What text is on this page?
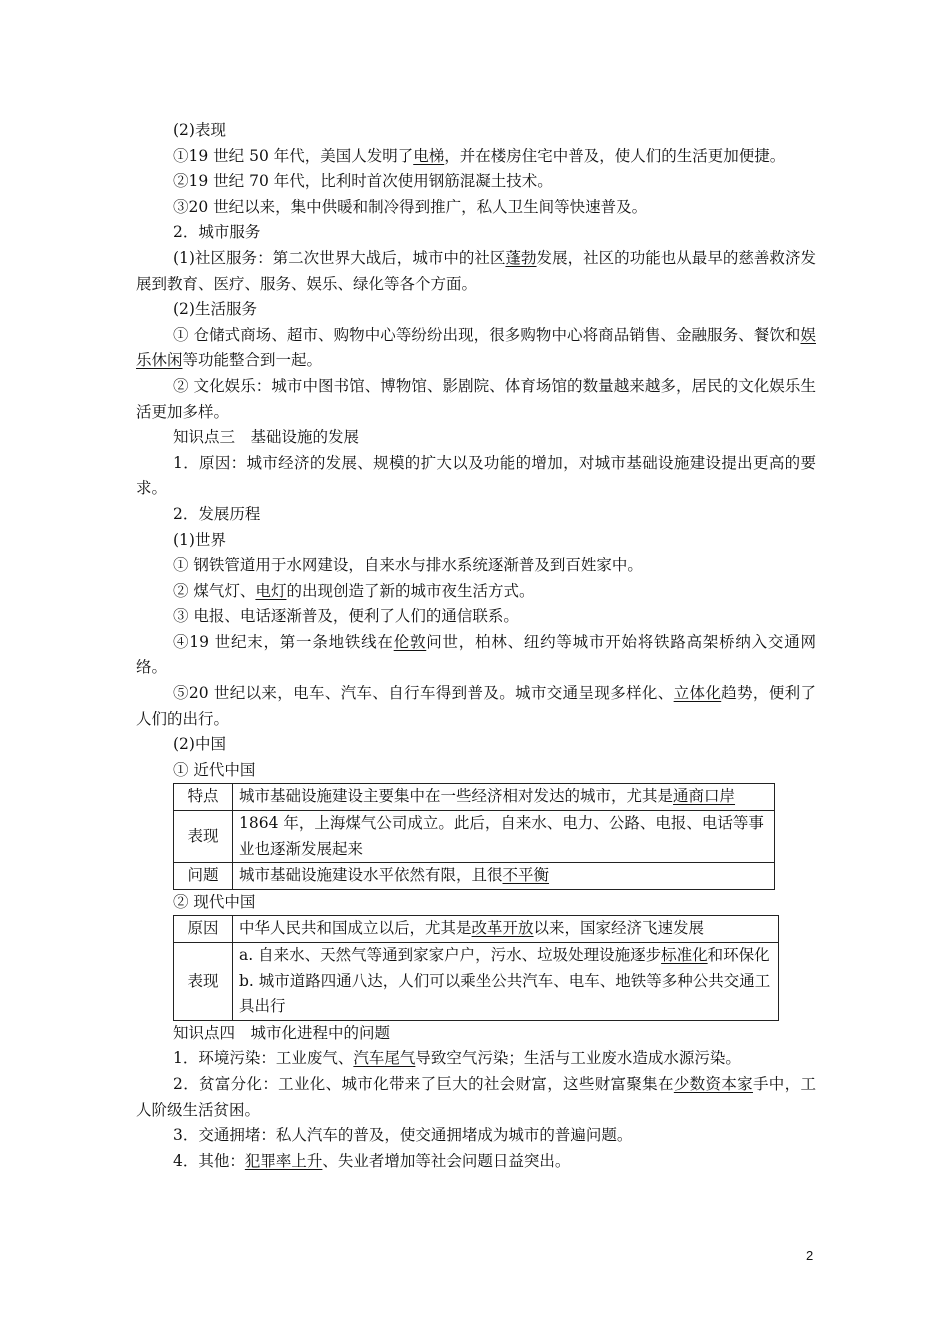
(2)表现

①19 世纪 50 年代，美国人发明了电梯，并在楼房住宅中普及，使人们的生活更加便捷。

②19 世纪 70 年代，比利时首次使用钢筋混凝土技术。

③20 世纪以来，集中供暖和制冷得到推广，私人卫生间等快速普及。

2．城市服务

(1)社区服务：第二次世界大战后，城市中的社区蓬勃发展，社区的功能也从最早的慈善救济发展到教育、医疗、服务、娱乐、绿化等各个方面。

(2)生活服务

① 仓储式商场、超市、购物中心等纷纷出现，很多购物中心将商品销售、金融服务、餐饮和娱乐休闲等功能整合到一起。

② 文化娱乐：城市中图书馆、博物馆、影剧院、体育场馆的数量越来越多，居民的文化娱乐生活更加多样。

知识点三　基础设施的发展

1．原因：城市经济的发展、规模的扩大以及功能的增加，对城市基础设施建设提出更高的要求。

2．发展历程

(1)世界

① 钢铁管道用于水网建设，自来水与排水系统逐渐普及到百姓家中。

② 煤气灯、电灯的出现创造了新的城市夜生活方式。

③ 电报、电话逐渐普及，便利了人们的通信联系。

④19 世纪末，第一条地铁线在伦敦问世，柏林、纽约等城市开始将铁路高架桥纳入交通网络。

⑤20 世纪以来，电车、汽车、自行车得到普及。城市交通呈现多样化、立体化趋势，便利了人们的出行。

(2)中国

① 近代中国

特点	城市基础设施建设主要集中在一些经济相对发达的城市，尤其是通商口岸
表现	1864 年，上海煤气公司成立。此后，自来水、电力、公路、电报、电话等事业也逐渐发展起来
问题	城市基础设施建设水平依然有限，且很不平衡

② 现代中国

原因	中华人民共和国成立以后，尤其是改革开放以来，国家经济飞速发展
表现	a. 自来水、天然气等通到家家户户，污水、垃圾处理设施逐步标准化和环保化
b. 城市道路四通八达，人们可以乘坐公共汽车、电车、地铁等多种公共交通工具出行

知识点四　城市化进程中的问题

1．环境污染：工业废气、汽车尾气导致空气污染；生活与工业废水造成水源污染。

2．贫富分化：工业化、城市化带来了巨大的社会财富，这些财富聚集在少数资本家手中，工人阶级生活贫困。

3．交通拥堵：私人汽车的普及，使交通拥堵成为城市的普遍问题。

4．其他：犯罪率上升、失业者增加等社会问题日益突出。

2
